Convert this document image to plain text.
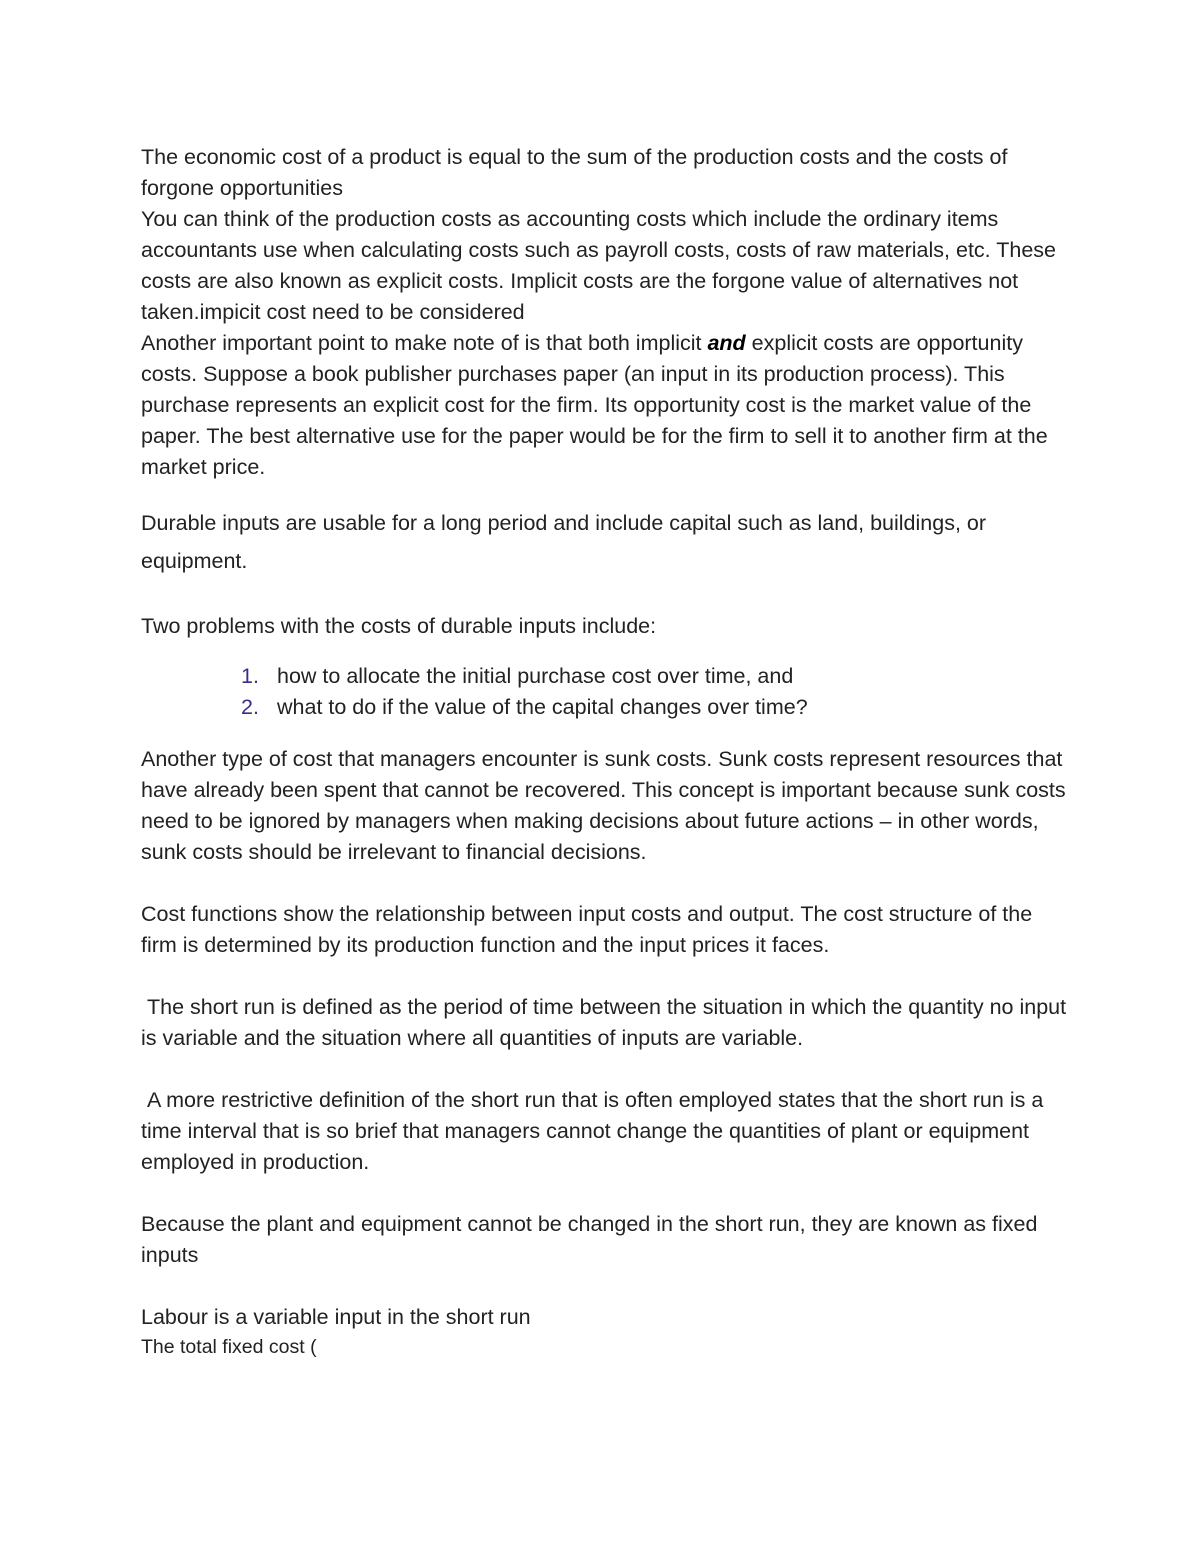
The economic cost of a product is equal to the sum of the production costs and the costs of forgone opportunities

You can think of the production costs as accounting costs which include the ordinary items accountants use when calculating costs such as payroll costs, costs of raw materials, etc. These costs are also known as explicit costs. Implicit costs are the forgone value of alternatives not taken.impicit cost need to be considered

Another important point to make note of is that both implicit and explicit costs are opportunity costs. Suppose a book publisher purchases paper (an input in its production process). This purchase represents an explicit cost for the firm. Its opportunity cost is the market value of the paper. The best alternative use for the paper would be for the firm to sell it to another firm at the market price.

Durable inputs are usable for a long period and include capital such as land, buildings, or equipment.

Two problems with the costs of durable inputs include:

1. how to allocate the initial purchase cost over time, and
2. what to do if the value of the capital changes over time?

Another type of cost that managers encounter is sunk costs. Sunk costs represent resources that have already been spent that cannot be recovered. This concept is important because sunk costs need to be ignored by managers when making decisions about future actions – in other words, sunk costs should be irrelevant to financial decisions.

Cost functions show the relationship between input costs and output. The cost structure of the firm is determined by its production function and the input prices it faces.

The short run is defined as the period of time between the situation in which the quantity no input is variable and the situation where all quantities of inputs are variable.

A more restrictive definition of the short run that is often employed states that the short run is a time interval that is so brief that managers cannot change the quantities of plant or equipment employed in production.

Because the plant and equipment cannot be changed in the short run, they are known as fixed inputs

Labour is a variable input in the short run

The total fixed cost (
